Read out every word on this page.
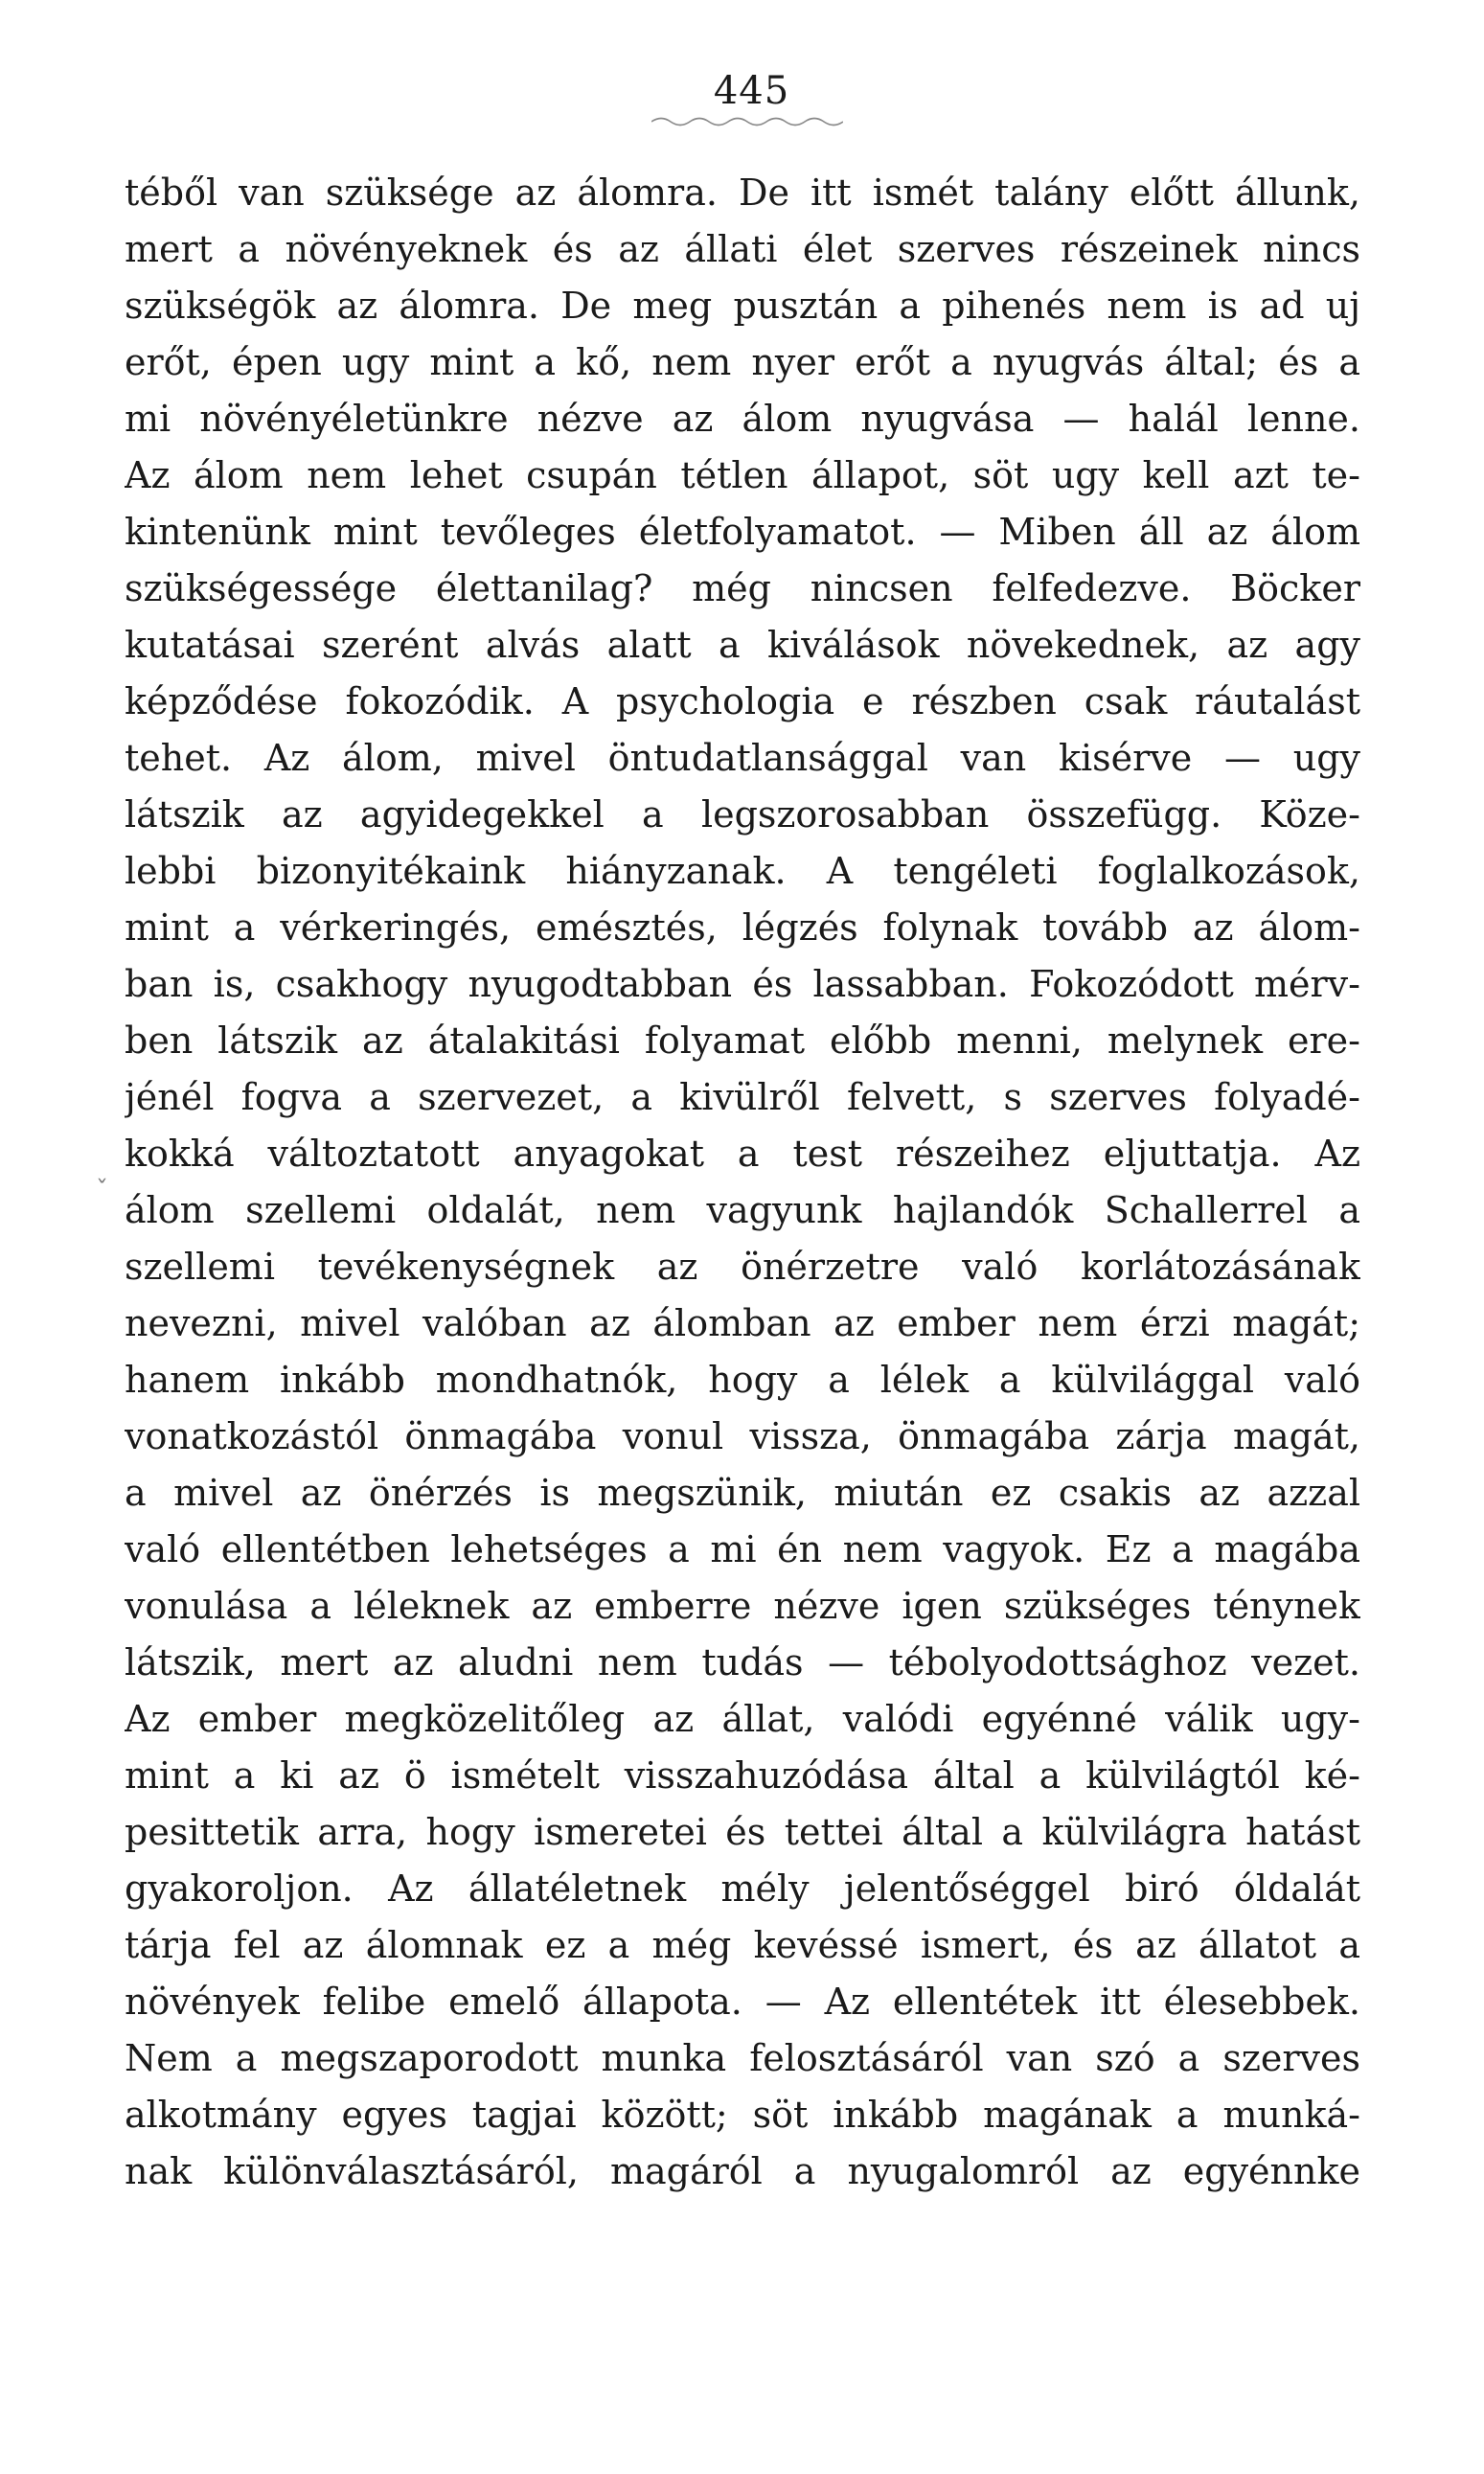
445
téből van szüksége az álomra. De itt ismét talány előtt állunk,
mert a növényeknek és az állati élet szerves részeinek nincs
szükségök az álomra. De meg pusztán a pihenés nem is ad uj
erőt, épen ugy mint a kő, nem nyer erőt a nyugvás által; és a
mi növényéletünkre nézve az álom nyugvása — halál lenne.
Az álom nem lehet csupán tétlen állapot, söt ugy kell azt te-
kintenünk mint tevőleges életfolyamatot. — Miben áll az álom
szükségessége élettanilag? még nincsen felfedezve. Böcker
kutatásai szerént alvás alatt a kiválások növekednek, az agy
képződése fokozódik. A psychologia e részben csak ráutalást
tehet. Az álom, mivel öntudatlansággal van kisérve — ugy
látszik az agyidegekkel a legszorosabban összefügg. Köze-
lebbi bizonyitékaink hiányzanak. A tengéleti foglalkozások,
mint a vérkeringés, emésztés, légzés folynak tovább az álom-
ban is, csakhogy nyugodtabban és lassabban. Fokozódott mérv-
ben látszik az átalakitási folyamat előbb menni, melynek ere-
jénél fogva a szervezet, a kivülről felvett, s szerves folyadé-
kokká változtatott anyagokat a test részeihez eljuttatja. Az
álom szellemi oldalát, nem vagyunk hajlandók Schallerrel a
szellemi tevékenységnek az önérzetre való korlátozásának
nevezni, mivel valóban az álomban az ember nem érzi magát;
hanem inkább mondhatnók, hogy a lélek a külvilággal való
vonatkozástól önmagába vonul vissza, önmagába zárja magát,
a mivel az önérzés is megszünik, miután ez csakis az azzal
való ellentétben lehetséges a mi én nem vagyok. Ez a magába
vonulása a léleknek az emberre nézve igen szükséges ténynek
látszik, mert az aludni nem tudás — tébolyodottsághoz vezet.
Az ember megközelitőleg az állat, valódi egyénné válik ugy-
mint a ki az ö ismételt visszahuzódása által a külvilágtól ké-
pesittetik arra, hogy ismeretei és tettei által a külvilágra hatást
gyakoroljon. Az állatéletnek mély jelentőséggel biró óldalát
tárja fel az álomnak ez a még kevéssé ismert, és az állatot a
növények felibe emelő állapota. — Az ellentétek itt élesebbek.
Nem a megszaporodott munka felosztásáról van szó a szerves
alkotmány egyes tagjai között; söt inkább magának a munká-
nak különválasztásáról, magáról a nyugalomról az egyénnke
˯
